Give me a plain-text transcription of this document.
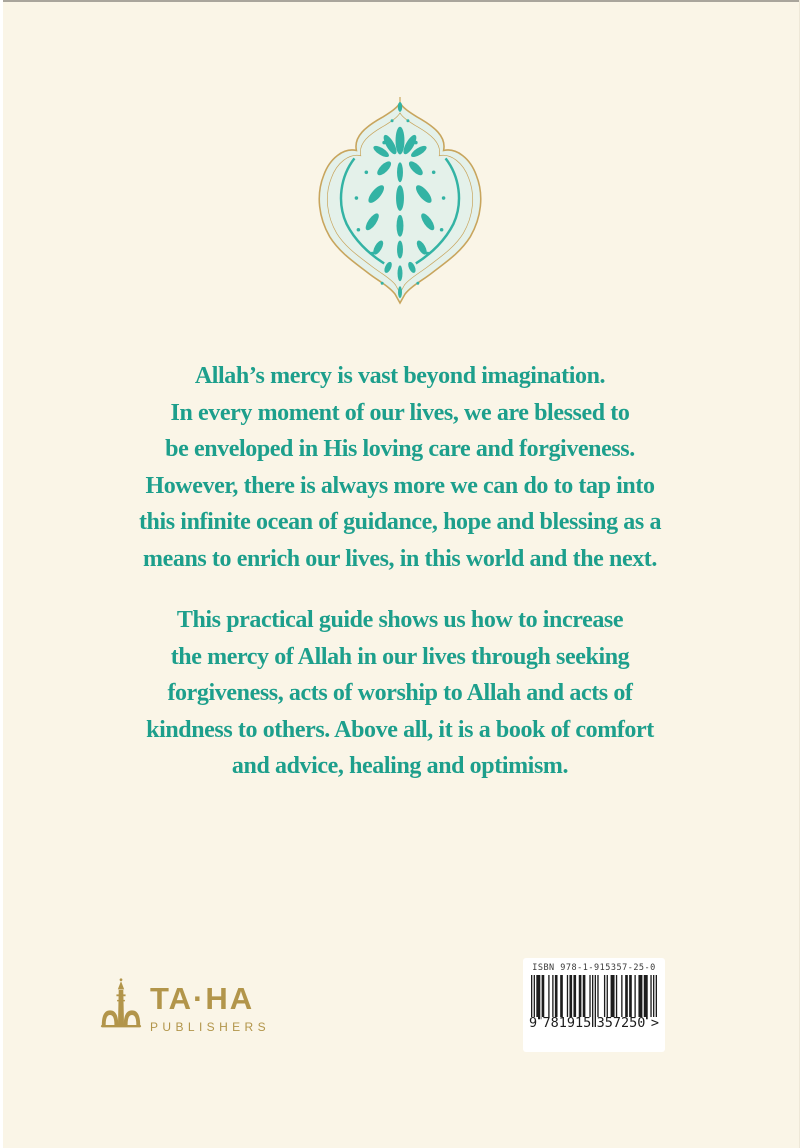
Allah’s mercy is vast beyond imagination.
In every moment of our lives, we are blessed to
be enveloped in His loving care and forgiveness.
However, there is always more we can do to tap into
this infinite ocean of guidance, hope and blessing as a
means to enrich our lives, in this world and the next.
This practical guide shows us how to increase
the mercy of Allah in our lives through seeking
forgiveness, acts of worship to Allah and acts of
kindness to others. Above all, it is a book of comfort
and advice, healing and optimism.
TA·HA
PUBLISHERS
ISBN 978-1-915357-25-0
9 781915 357250 >
